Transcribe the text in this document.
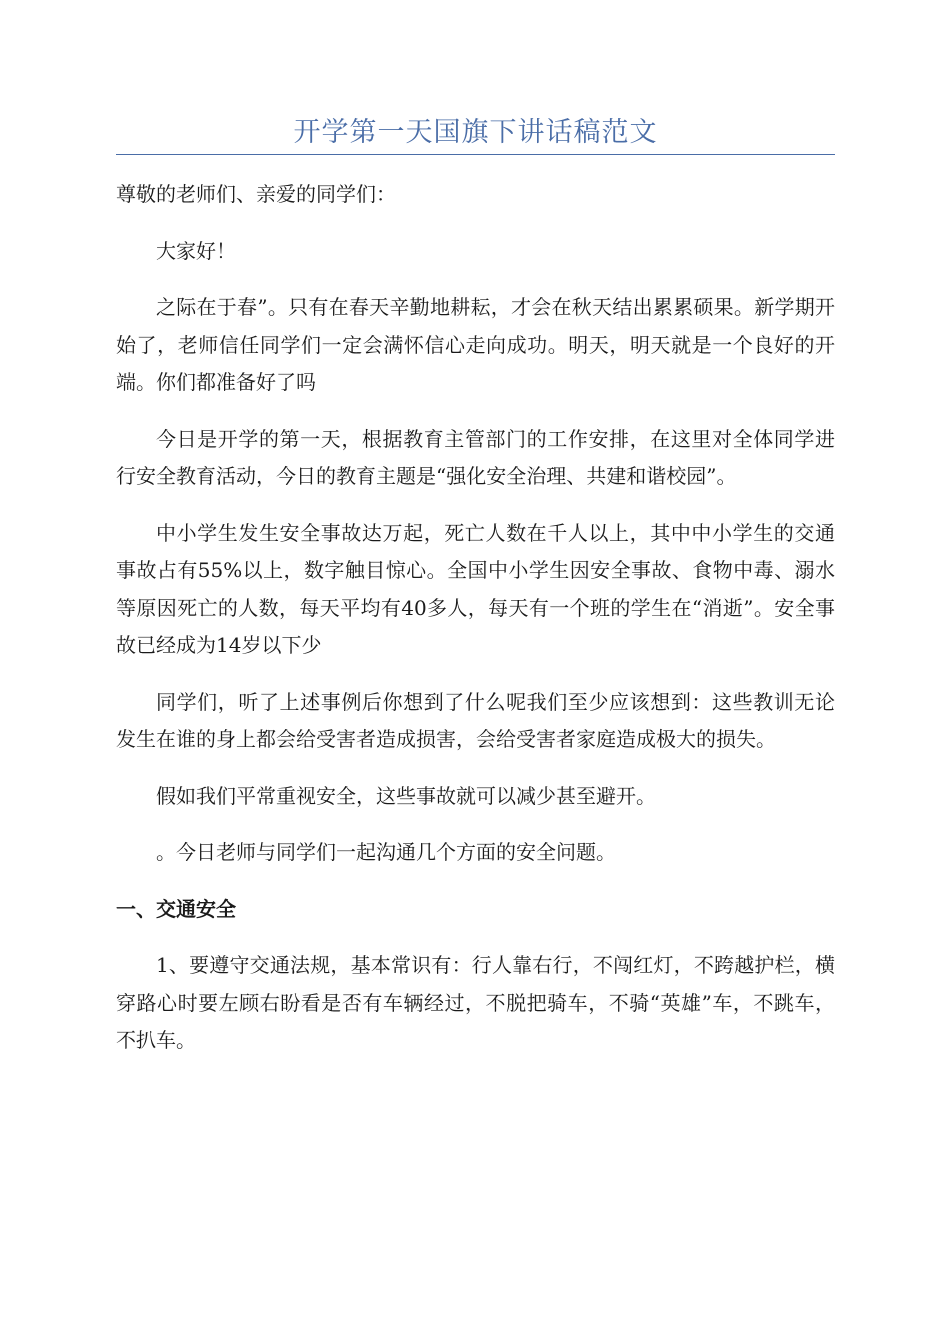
开学第一天国旗下讲话稿范文

尊敬的老师们、亲爱的同学们：

大家好！

之际在于春”。只有在春天辛勤地耕耘，才会在秋天结出累累硕果。新学期开始了，老师信任同学们一定会满怀信心走向成功。明天，明天就是一个良好的开端。你们都准备好了吗

今日是开学的第一天，根据教育主管部门的工作安排，在这里对全体同学进行安全教育活动，今日的教育主题是“强化安全治理、共建和谐校园”。

中小学生发生安全事故达万起，死亡人数在千人以上，其中中小学生的交通事故占有55%以上，数字触目惊心。全国中小学生因安全事故、食物中毒、溺水等原因死亡的人数，每天平均有40多人，每天有一个班的学生在“消逝”。安全事故已经成为14岁以下少

同学们，听了上述事例后你想到了什么呢我们至少应该想到：这些教训无论发生在谁的身上都会给受害者造成损害，会给受害者家庭造成极大的损失。

假如我们平常重视安全，这些事故就可以减少甚至避开。

。今日老师与同学们一起沟通几个方面的安全问题。

一、交通安全

1、要遵守交通法规，基本常识有：行人靠右行，不闯红灯，不跨越护栏，横穿路心时要左顾右盼看是否有车辆经过，不脱把骑车，不骑“英雄”车，不跳车，不扒车。
